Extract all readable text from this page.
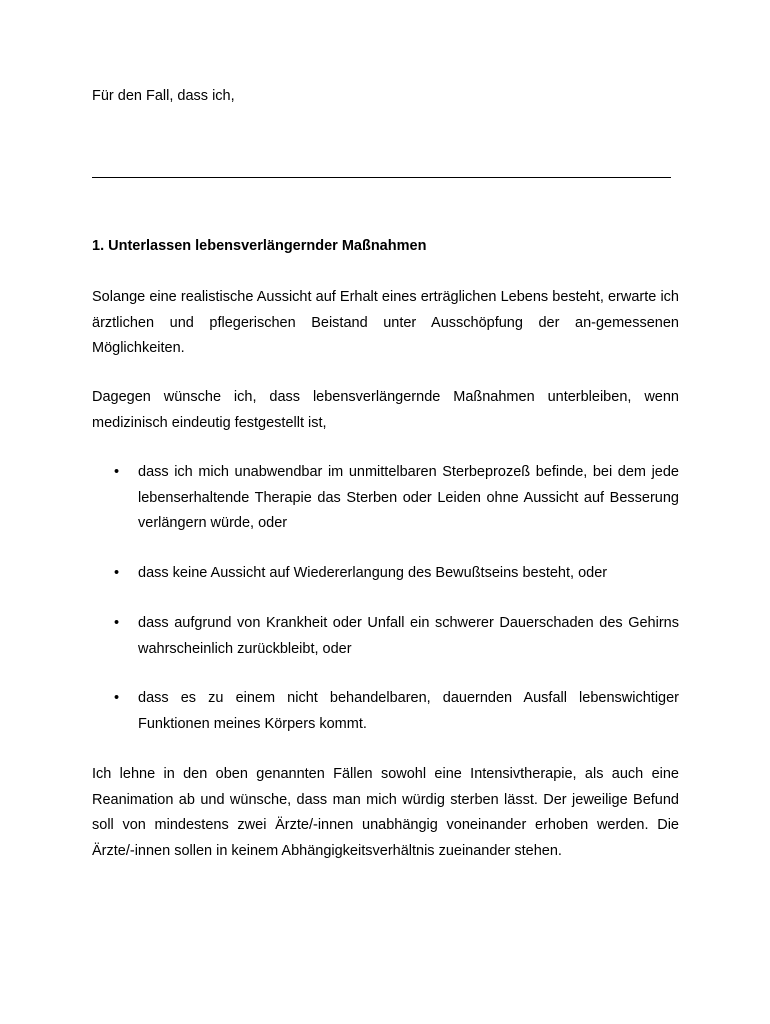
Für den Fall, dass ich,
1. Unterlassen lebensverlängernder Maßnahmen

Solange eine realistische Aussicht auf Erhalt eines erträglichen Lebens besteht, erwarte ich ärztlichen und pflegerischen Beistand unter Ausschöpfung der an-gemessenen Möglichkeiten.

Dagegen wünsche ich, dass lebensverlängernde Maßnahmen unterbleiben, wenn medizinisch eindeutig festgestellt ist,

• dass ich mich unabwendbar im unmittelbaren Sterbeprozeß befinde, bei dem jede lebenserhaltende Therapie das Sterben oder Leiden ohne Aussicht auf Besserung verlängern würde, oder
• dass keine Aussicht auf Wiedererlangung des Bewußtseins besteht, oder
• dass aufgrund von Krankheit oder Unfall ein schwerer Dauerschaden des Gehirns wahrscheinlich zurückbleibt, oder
• dass es zu einem nicht behandelbaren, dauernden Ausfall lebenswichtiger Funktionen meines Körpers kommt.

Ich lehne in den oben genannten Fällen sowohl eine Intensivtherapie, als auch eine Reanimation ab und wünsche, dass man mich würdig sterben lässt. Der jeweilige Befund soll von mindestens zwei Ärzte/-innen unabhängig voneinander erhoben werden. Die Ärzte/-innen sollen in keinem Abhängigkeitsverhältnis zueinander stehen.
